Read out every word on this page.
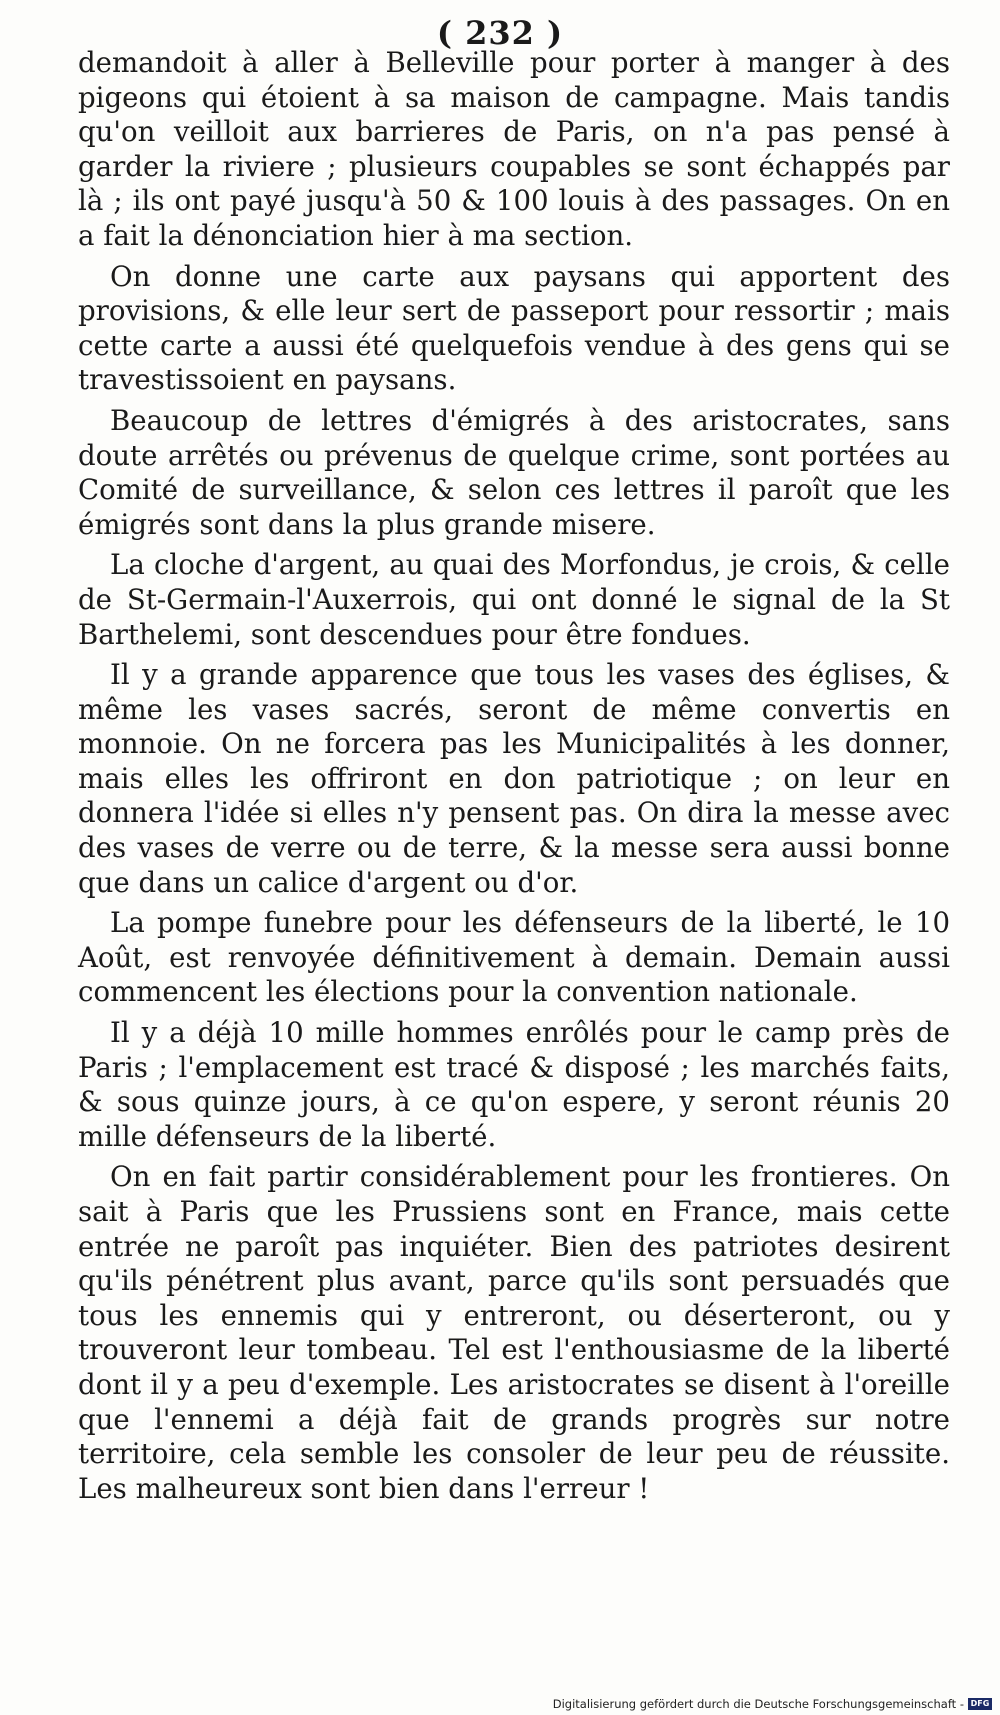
( 232 )

demandoit à aller à Belleville pour porter à manger à des pigeons qui étoient à sa maison de campagne. Mais tandis qu'on veilloit aux barrieres de Paris, on n'a pas pensé à garder la riviere ; plusieurs coupables se sont échappés par là ; ils ont payé jusqu'à 50 & 100 louis à des passages. On en a fait la dénonciation hier à ma section.

On donne une carte aux paysans qui apportent des provisions, & elle leur sert de passeport pour ressortir ; mais cette carte a aussi été quelquefois vendue à des gens qui se travestissoient en paysans.

Beaucoup de lettres d'émigrés à des aristocrates, sans doute arrêtés ou prévenus de quelque crime, sont portées au Comité de surveillance, & selon ces lettres il paroît que les émigrés sont dans la plus grande misere.

La cloche d'argent, au quai des Morfondus, je crois, & celle de St-Germain-l'Auxerrois, qui ont donné le signal de la St Barthelemi, sont descendues pour être fondues.

Il y a grande apparence que tous les vases des églises, & même les vases sacrés, seront de même convertis en monnoie. On ne forcera pas les Municipalités à les donner, mais elles les offriront en don patriotique ; on leur en donnera l'idée si elles n'y pensent pas. On dira la messe avec des vases de verre ou de terre, & la messe sera aussi bonne que dans un calice d'argent ou d'or.

La pompe funebre pour les défenseurs de la liberté, le 10 Août, est renvoyée définitivement à demain. Demain aussi commencent les élections pour la convention nationale.

Il y a déjà 10 mille hommes enrôlés pour le camp près de Paris ; l'emplacement est tracé & disposé ; les marchés faits, & sous quinze jours, à ce qu'on espere, y seront réunis 20 mille défenseurs de la liberté.

On en fait partir considérablement pour les frontieres. On sait à Paris que les Prussiens sont en France, mais cette entrée ne paroît pas inquiéter. Bien des patriotes desirent qu'ils pénétrent plus avant, parce qu'ils sont persuadés que tous les ennemis qui y entreront, ou déserteront, ou y trouveront leur tombeau. Tel est l'enthousiasme de la liberté dont il y a peu d'exemple. Les aristocrates se disent à l'oreille que l'ennemi a déjà fait de grands progrès sur notre territoire, cela semble les consoler de leur peu de réussite. Les malheureux sont bien dans l'erreur !

Digitalisierung gefördert durch die Deutsche Forschungsgemeinschaft - DFG
